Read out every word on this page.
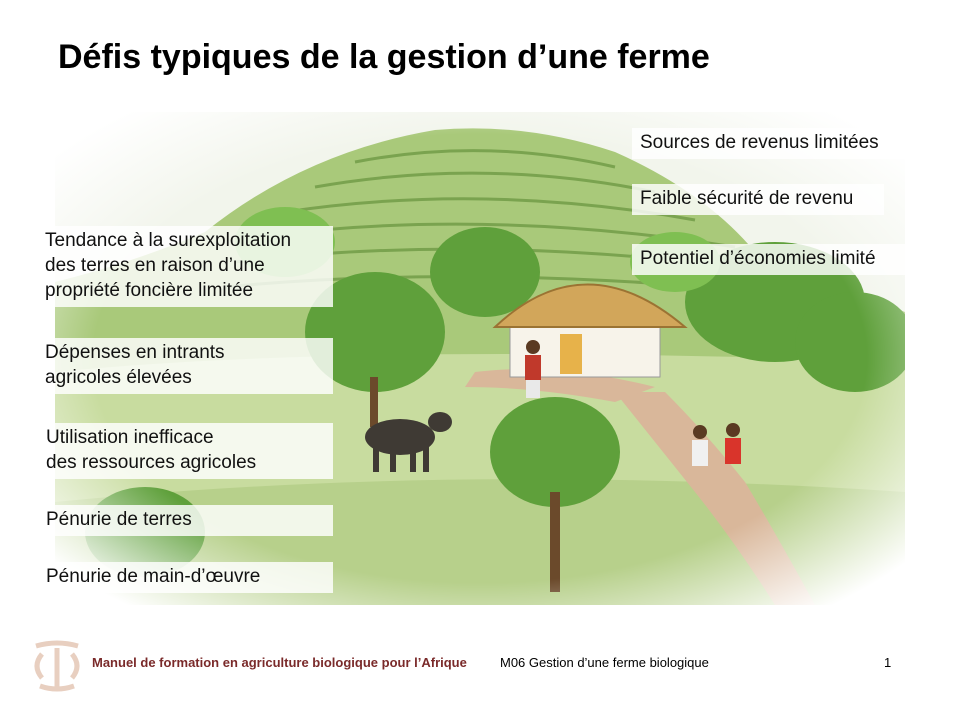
Défis typiques de la gestion d’une ferme
Sources de revenus limitées
Faible sécurité de revenu
Potentiel d’économies limité
Tendance à la surexploitation
des terres en raison d’une
propriété foncière limitée
Dépenses en intrants
agricoles élevées
Utilisation inefficace
des ressources agricoles
Pénurie de terres
Pénurie de main-d’œuvre
Manuel de formation en agriculture biologique pour l’Afrique	M06 Gestion d’une ferme biologique	1
